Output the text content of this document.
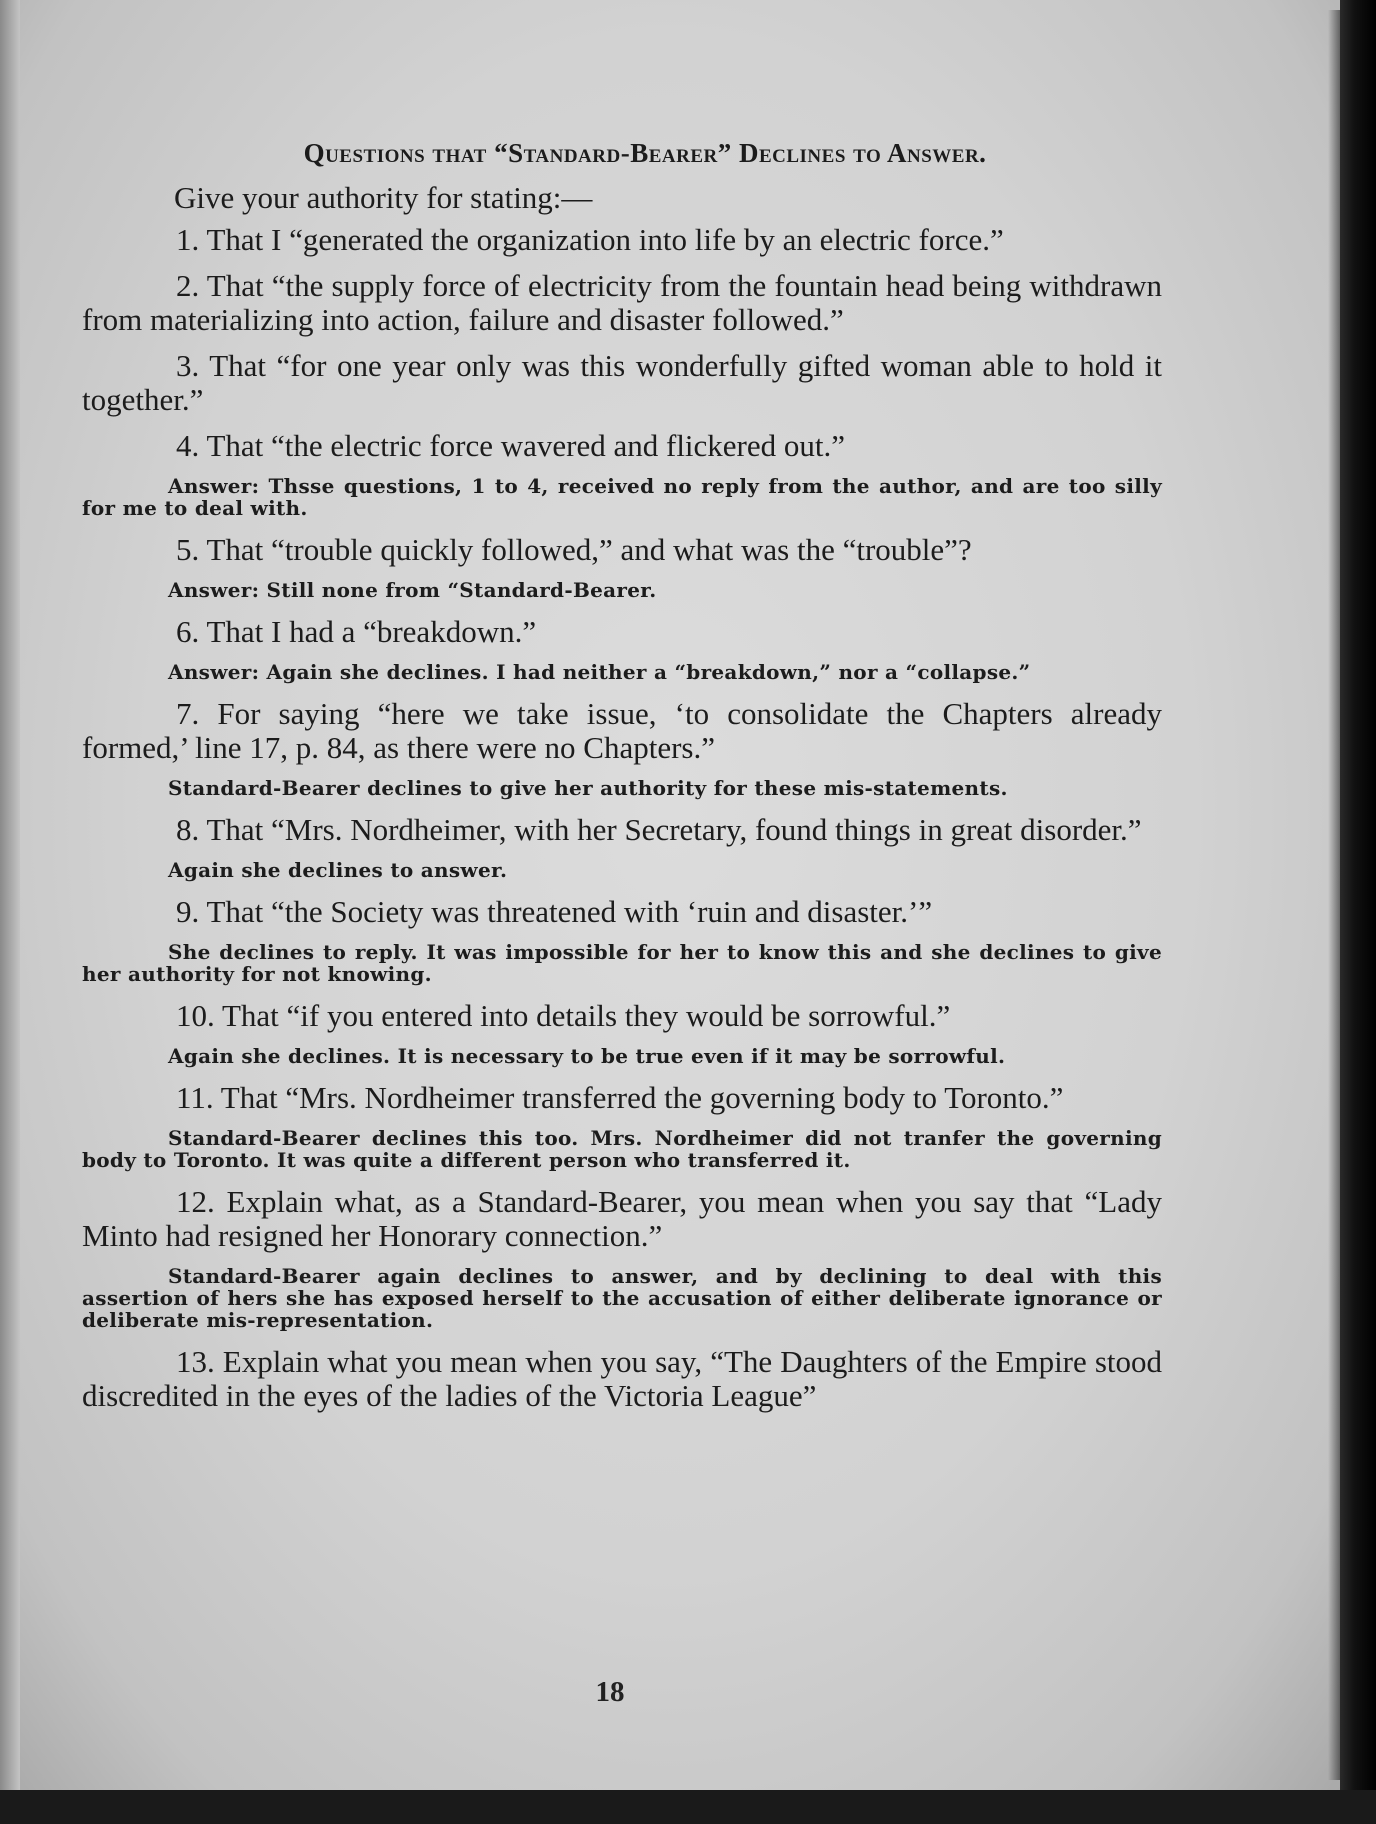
Questions that “Standard-Bearer” Declines to Answer.

Give your authority for stating:—

1. That I “generated the organization into life by an electric force.”

2. That “the supply force of electricity from the fountain head being withdrawn from materializing into action, failure and disaster followed.”

3. That “for one year only was this wonderfully gifted woman able to hold it together.”

4. That “the electric force wavered and flickered out.”

Answer: Thsse questions, 1 to 4, received no reply from the author, and are too silly for me to deal with.

5. That “trouble quickly followed,” and what was the “trouble”?

Answer: Still none from “Standard-Bearer.

6. That I had a “breakdown.”

Answer: Again she declines. I had neither a “breakdown,” nor a “collapse.”

7. For saying “here we take issue, ‘to consolidate the Chapters already formed,’ line 17, p. 84, as there were no Chapters.”

Standard-Bearer declines to give her authority for these mis-statements.

8. That “Mrs. Nordheimer, with her Secretary, found things in great disorder.”

Again she declines to answer.

9. That “the Society was threatened with ‘ruin and disaster.’”

She declines to reply. It was impossible for her to know this and she declines to give her authority for not knowing.

10. That “if you entered into details they would be sorrowful.”

Again she declines. It is necessary to be true even if it may be sorrowful.

11. That “Mrs. Nordheimer transferred the governing body to Toronto.”

Standard-Bearer declines this too. Mrs. Nordheimer did not tranfer the governing body to Toronto. It was quite a different person who transferred it.

12. Explain what, as a Standard-Bearer, you mean when you say that “Lady Minto had resigned her Honorary connection.”

Standard-Bearer again declines to answer, and by declining to deal with this assertion of hers she has exposed herself to the accusation of either deliberate ignorance or deliberate mis-representation.

13. Explain what you mean when you say, “The Daughters of the Empire stood discredited in the eyes of the ladies of the Victoria League”

18
